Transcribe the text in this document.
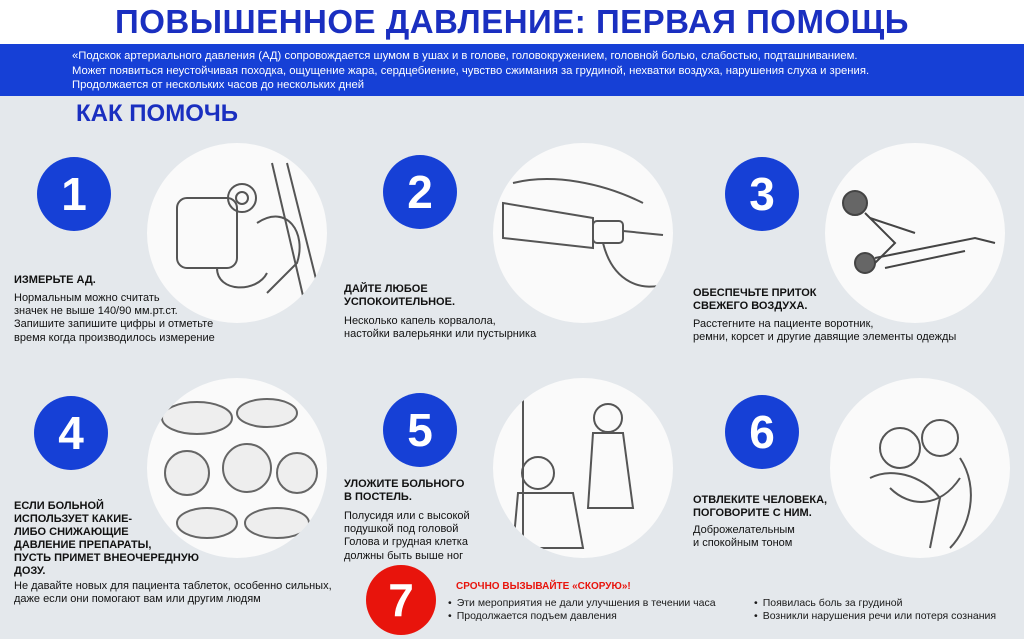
ПОВЫШЕННОЕ ДАВЛЕНИЕ: ПЕРВАЯ ПОМОЩЬ

«Подскок артериального давления (АД) сопровождается шумом в ушах и в голове, головокружением, головной болью, слабостью, подташниванием.

Может появиться неустойчивая походка, ощущение жара, сердцебиение, чувство сжимания за грудиной, нехватки воздуха, нарушения слуха и зрения.

Продолжается от нескольких часов до нескольких дней

КАК ПОМОЧЬ
1
ИЗМЕРЬТЕ АД.
Нормальным можно считать
значек не выше 140/90 мм.рт.ст.
Запишите запишите цифры и отметьте
время когда производилось измерение
2
ДАЙТЕ ЛЮБОЕ
УСПОКОИТЕЛЬНОЕ.
Несколько капель корвалола,
настойки валерьянки или пустырника
3
ОБЕСПЕЧЬТЕ ПРИТОК
СВЕЖЕГО ВОЗДУХА.
Расстегните на пациенте воротник,
ремни, корсет и другие давящие элементы одежды
4
ЕСЛИ БОЛЬНОЙ
ИСПОЛЬЗУЕТ КАКИЕ-
ЛИБО СНИЖАЮЩИЕ
ДАВЛЕНИЕ ПРЕПАРАТЫ,
ПУСТЬ ПРИМЕТ ВНЕОЧЕРЕДНУЮ
ДОЗУ.
Не давайте новых для пациента таблеток, особенно сильных,
даже если они помогают вам или другим людям
5
УЛОЖИТЕ БОЛЬНОГО
В ПОСТЕЛЬ.
Полусидя или с высокой
подушкой под головой
Голова и грудная клетка
должны быть выше ног
6
ОТВЛЕКИТЕ ЧЕЛОВЕКА,
ПОГОВОРИТЕ С НИМ.
Доброжелательным
и спокойным тоном
7	СРОЧНО ВЫЗЫВАЙТЕ «СКОРУЮ»!
• Эти мероприятия не дали улучшения в течении часа
• Продолжается подъем давления
• Появилась боль за грудиной
• Возникли нарушения речи или потеря сознания
